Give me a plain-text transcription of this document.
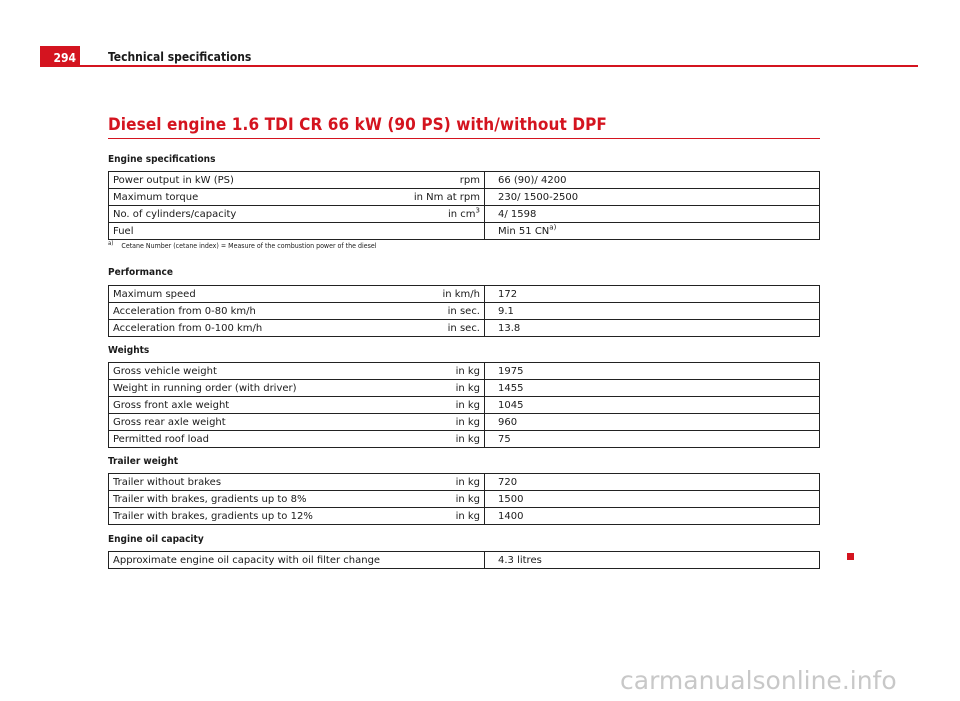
294	Technical specifications
Diesel engine 1.6 TDI CR 66 kW (90 PS) with/without DPF
Engine specifications
Power output in kW (PS)	rpm	66 (90)/ 4200
Maximum torque	in Nm at rpm	230/ 1500-2500
No. of cylinders/capacity	in $cm^3$	4/ 1598
Fuel		Min 51 CN$^{a)}$
a) Cetane Number (cetane index) = Measure of the combustion power of the diesel
Performance
Maximum speed	in km/h	172
Acceleration from 0-80 km/h	in sec.	9.1
Acceleration from 0-100 km/h	in sec.	13.8
Weights
Gross vehicle weight	in kg	1975
Weight in running order (with driver)	in kg	1455
Gross front axle weight	in kg	1045
Gross rear axle weight	in kg	960
Permitted roof load	in kg	75
Trailer weight
Trailer without brakes	in kg	720
Trailer with brakes, gradients up to 8%	in kg	1500
Trailer with brakes, gradients up to 12%	in kg	1400
Engine oil capacity
Approximate engine oil capacity with oil filter change	4.3 litres
carmanualsonline.info
